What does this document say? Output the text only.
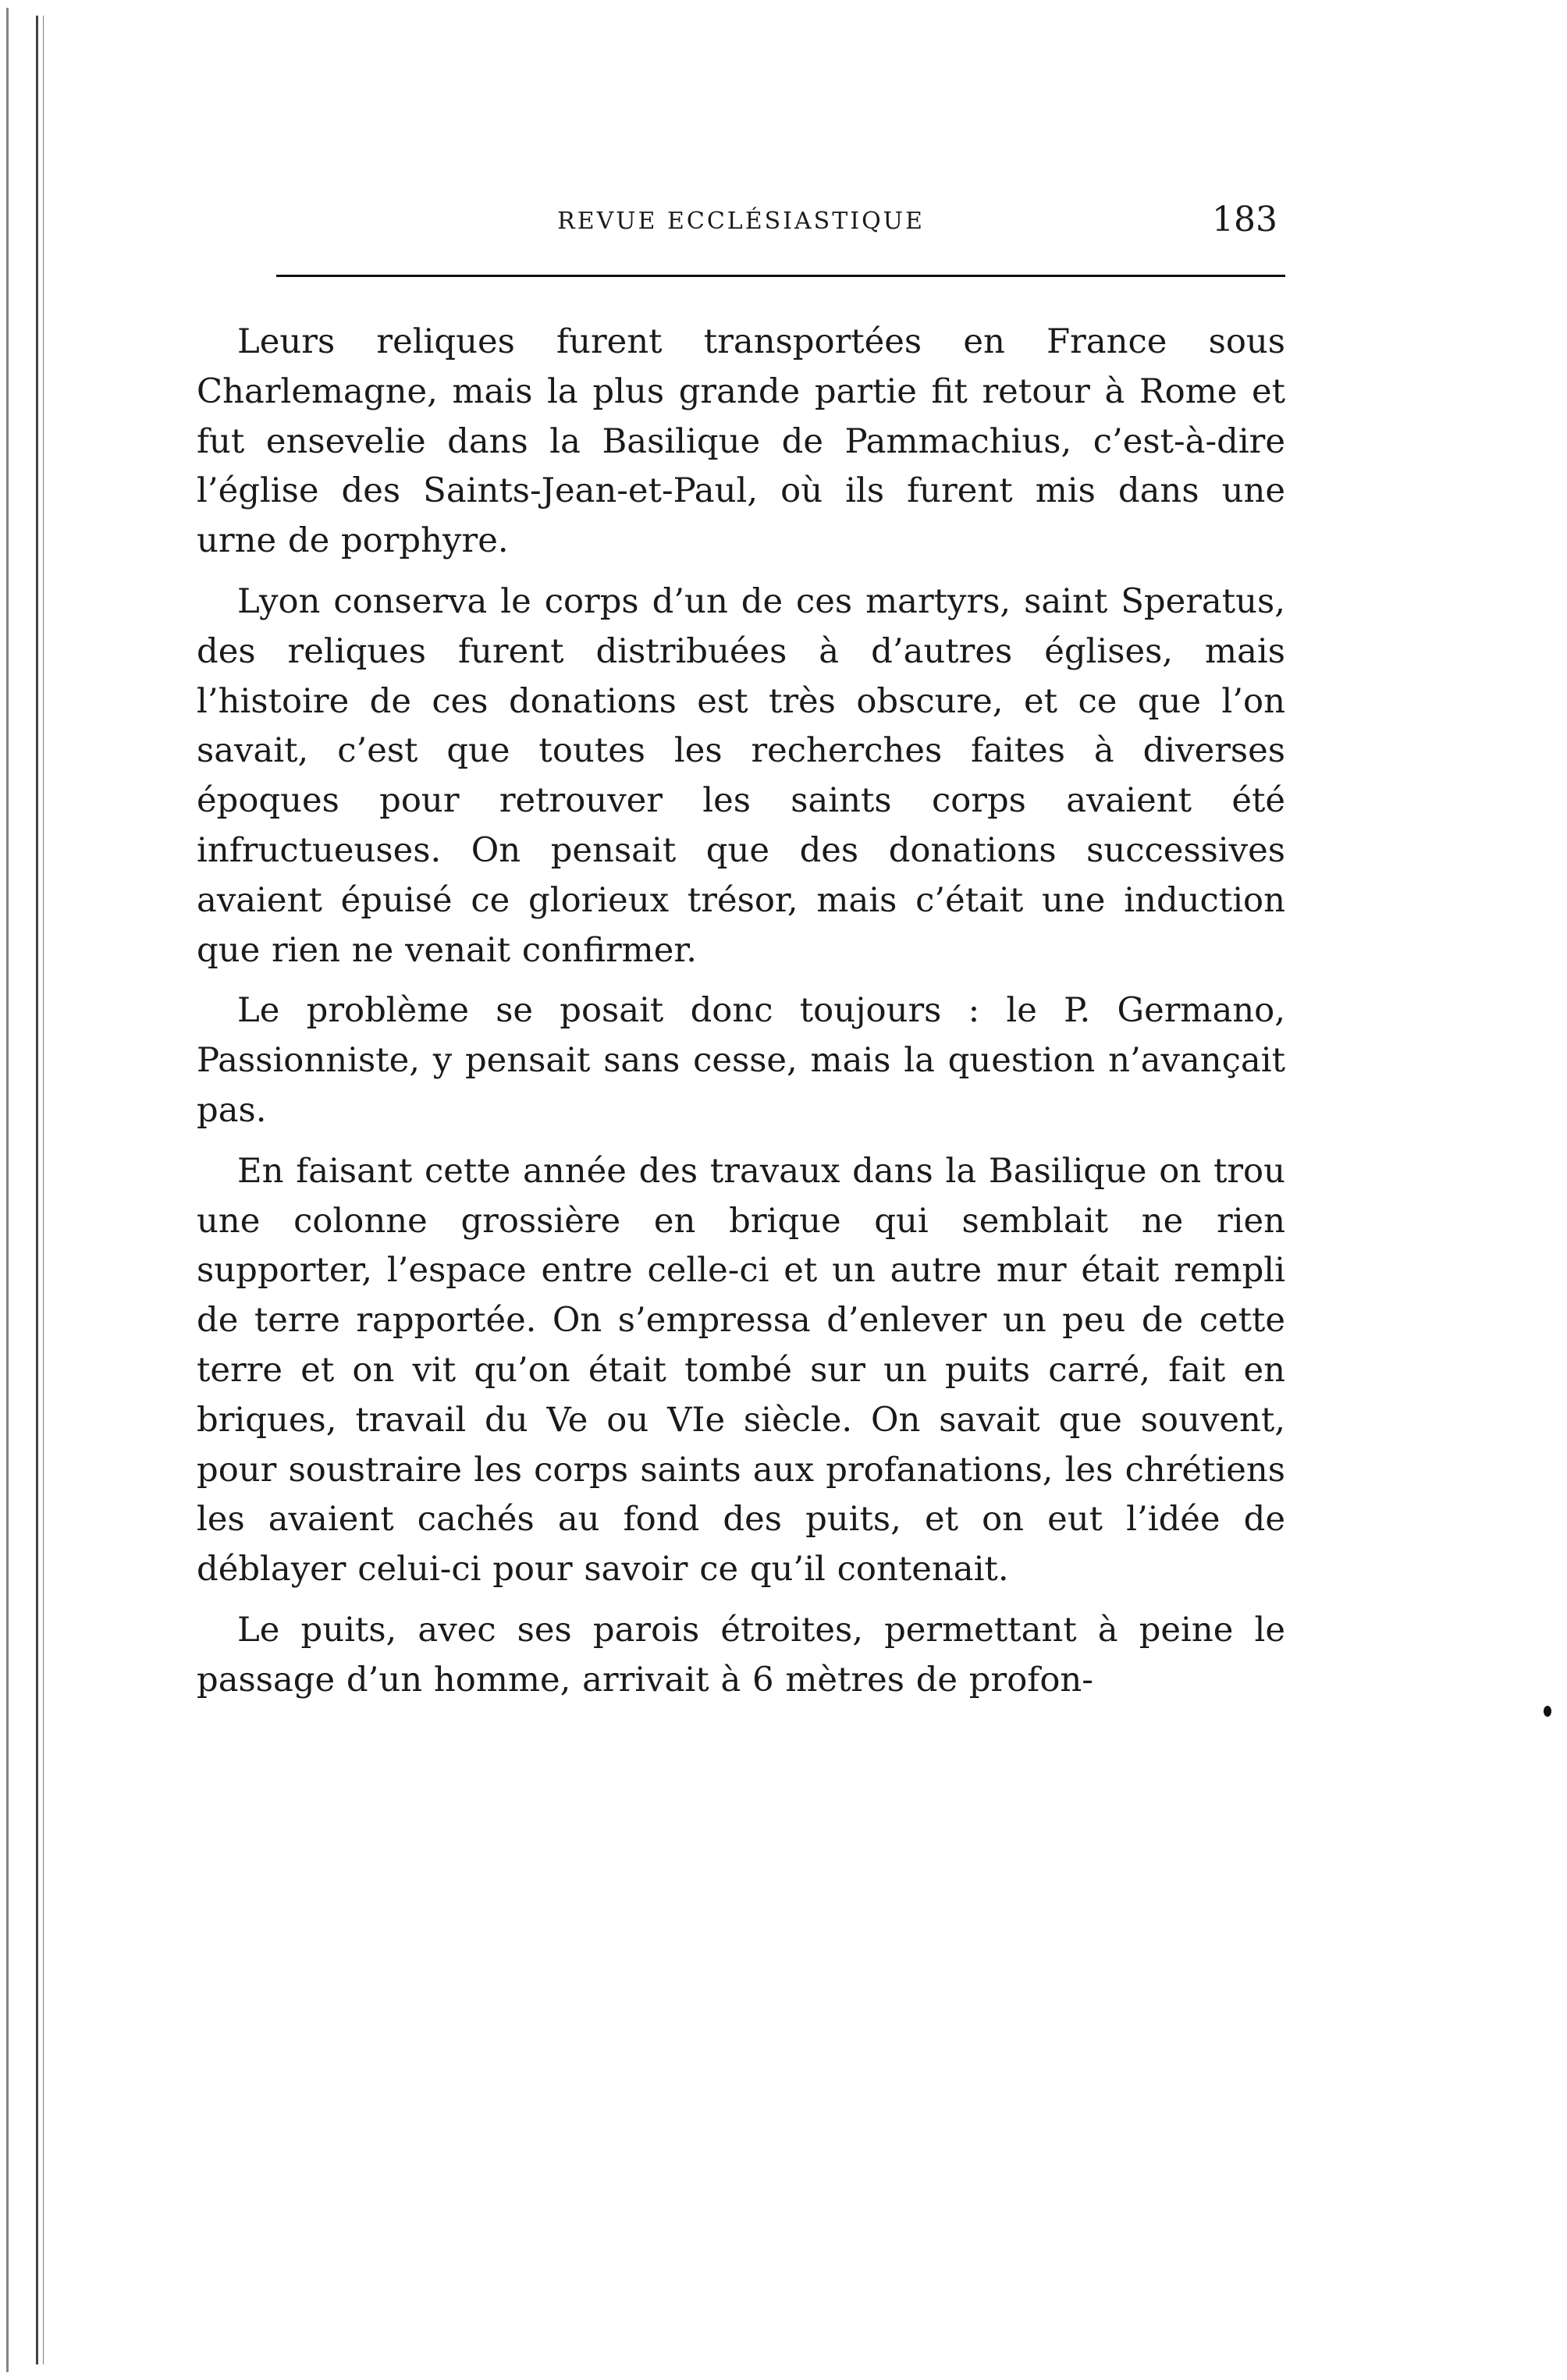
REVUE ECCLÉSIASTIQUE	183

Leurs reliques furent transportées en France sous Charlemagne, mais la plus grande partie fit retour à Rome et fut ensevelie dans la Basilique de Pammachius, c’est-à-dire l’église des Saints-Jean-et-Paul, où ils furent mis dans une urne de porphyre.

Lyon conserva le corps d’un de ces martyrs, saint Speratus, des reliques furent distribuées à d’autres églises, mais l’histoire de ces donations est très obscure, et ce que l’on savait, c’est que toutes les recherches faites à diverses époques pour retrouver les saints corps avaient été infructueuses. On pensait que des donations successives avaient épuisé ce glorieux trésor, mais c’était une induction que rien ne venait confirmer.

Le problème se posait donc toujours : le P. Germano, Passionniste, y pensait sans cesse, mais la question n’avançait pas.

En faisant cette année des travaux dans la Basilique on trou une colonne grossière en brique qui semblait ne rien supporter, l’espace entre celle-ci et un autre mur était rempli de terre rapportée. On s’empressa d’enlever un peu de cette terre et on vit qu’on était tombé sur un puits carré, fait en briques, travail du Ve ou VIe siècle. On savait que souvent, pour soustraire les corps saints aux profanations, les chrétiens les avaient cachés au fond des puits, et on eut l’idée de déblayer celui-ci pour savoir ce qu’il contenait.

Le puits, avec ses parois étroites, permettant à peine le passage d’un homme, arrivait à 6 mètres de profon-
